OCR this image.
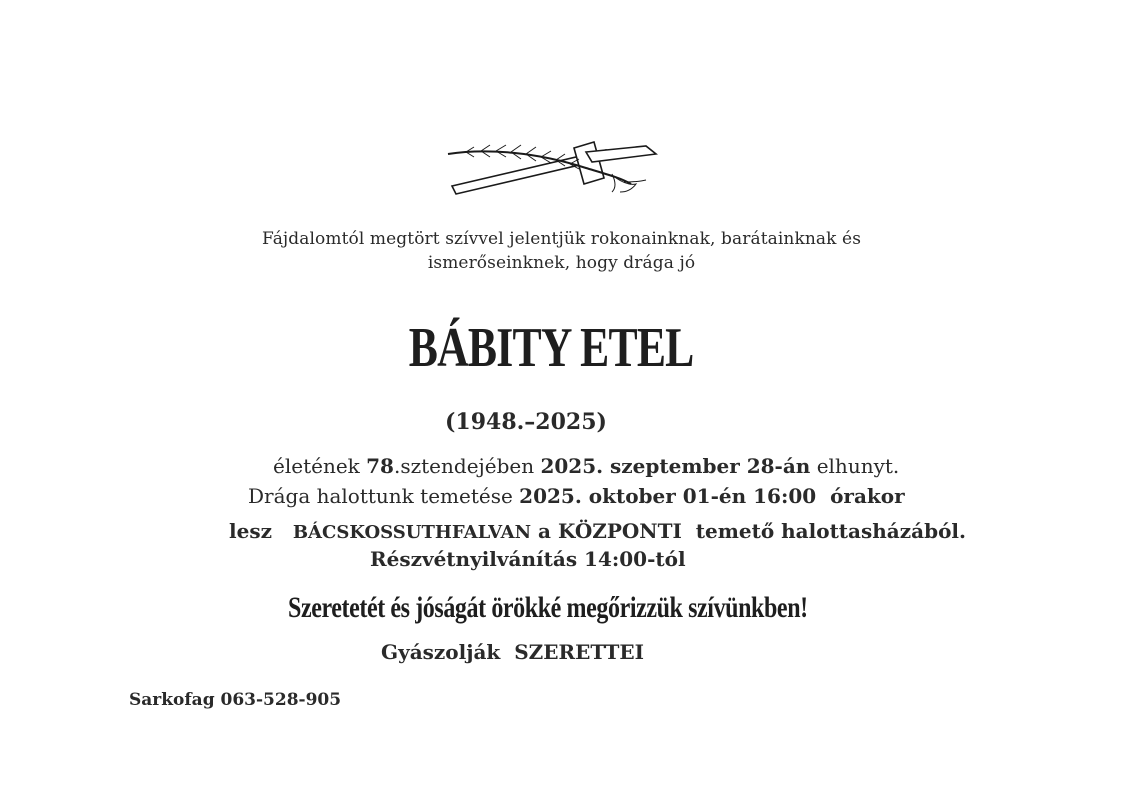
Fájdalomtól megtört szívvel jelentjük rokonainknak, barátainknak és
ismerőseinknek, hogy drága jó
BÁBITY ETEL
(1948.–2025)
életének 78.sztendejében 2025. szeptember 28-án elhunyt.
Drága halottunk temetése 2025. oktober 01-én 16:00  órakor
lesz   BÁCSKOSSUTHFALVAN a KÖZPONTI  temető halottasházából.
Részvétnyilvánítás 14:00-tól
Szeretetét és jóságát örökké megőrizzük szívünkben!
Gyászolják  SZERETTEI
Sarkofag 063-528-905
